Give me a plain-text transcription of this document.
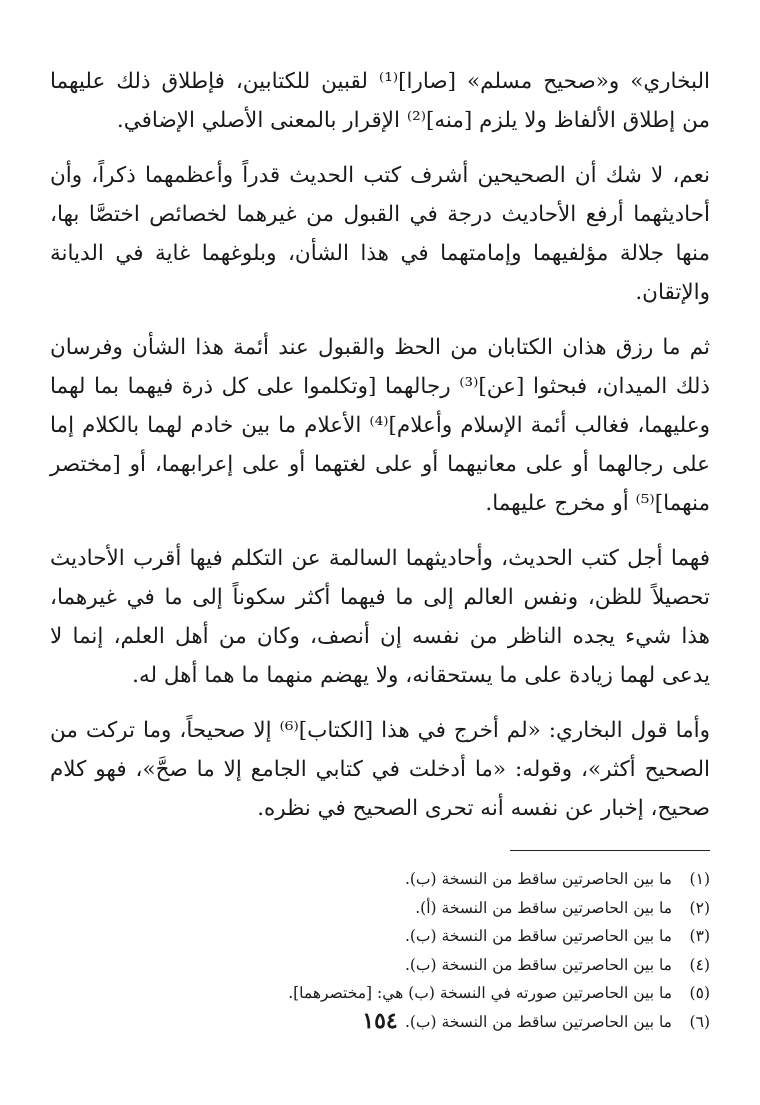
البخاري» و«صحيح مسلم» [صارا]⁽¹⁾ لقبين للكتابين، فإطلاق ذلك عليهما من إطلاق الألفاظ ولا يلزم [منه]⁽²⁾ الإقرار بالمعنى الأصلي الإضافي.

نعم، لا شك أن الصحيحين أشرف كتب الحديث قدراً وأعظمهما ذكراً، وأن أحاديثهما أرفع الأحاديث درجة في القبول من غيرهما لخصائص اختصَّا بها، منها جلالة مؤلفيهما وإمامتهما في هذا الشأن، وبلوغهما غاية في الديانة والإتقان.

ثم ما رزق هذان الكتابان من الحظ والقبول عند أئمة هذا الشأن وفرسان ذلك الميدان، فبحثوا [عن]⁽³⁾ رجالهما [وتكلموا على كل ذرة فيهما بما لهما وعليهما، فغالب أئمة الإسلام وأعلام]⁽⁴⁾ الأعلام ما بين خادم لهما بالكلام إما على رجالهما أو على معانيهما أو على لغتهما أو على إعرابهما، أو [مختصر منهما]⁽⁵⁾ أو مخرج عليهما.

فهما أجل كتب الحديث، وأحاديثهما السالمة عن التكلم فيها أقرب الأحاديث تحصيلاً للظن، ونفس العالم إلى ما فيهما أكثر سكوناً إلى ما في غيرهما، هذا شيء يجده الناظر من نفسه إن أنصف، وكان من أهل العلم، إنما لا يدعى لهما زيادة على ما يستحقانه، ولا يهضم منهما ما هما أهل له.

وأما قول البخاري: «لم أخرج في هذا [الكتاب]⁽⁶⁾ إلا صحيحاً، وما تركت من الصحيح أكثر»، وقوله: «ما أدخلت في كتابي الجامع إلا ما صحَّ»، فهو كلام صحيح، إخبار عن نفسه أنه تحرى الصحيح في نظره.

(١)
ما بين الحاصرتين ساقط من النسخة (ب).
(٢)
ما بين الحاصرتين ساقط من النسخة (أ).
(٣)
ما بين الحاصرتين ساقط من النسخة (ب).
(٤)
ما بين الحاصرتين ساقط من النسخة (ب).
(٥)
ما بين الحاصرتين صورته في النسخة (ب) هي: [مختصرهما].
(٦)
ما بين الحاصرتين ساقط من النسخة (ب).
١٥٤
